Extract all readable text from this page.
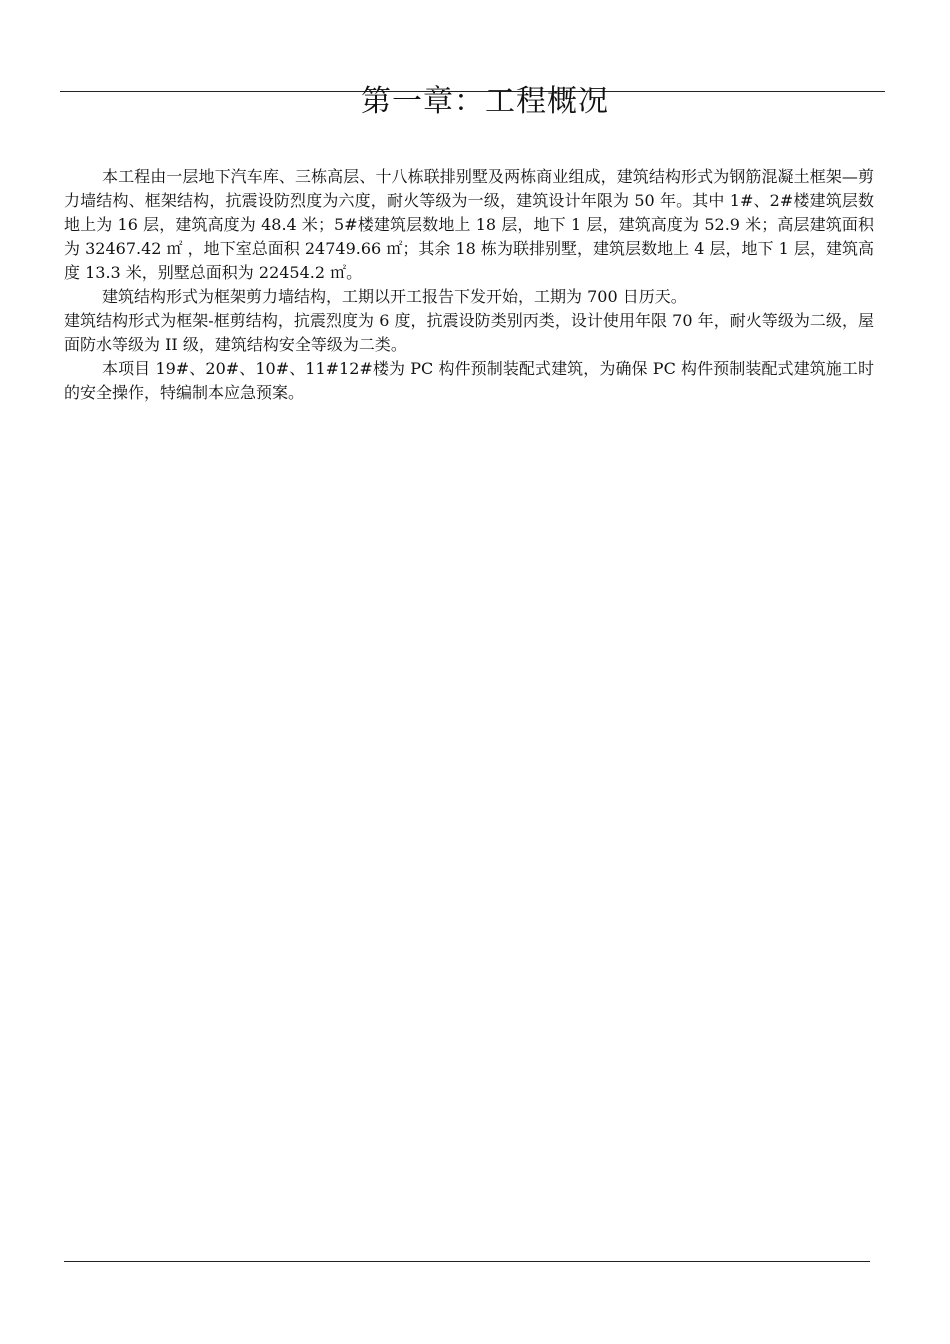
第一章：工程概况

本工程由一层地下汽车库、三栋高层、十八栋联排别墅及两栋商业组成，建筑结构形式为钢筋混凝土框架—剪力墙结构、框架结构，抗震设防烈度为六度，耐火等级为一级，建筑设计年限为 50 年。其中 1#、2#楼建筑层数地上为 16 层，建筑高度为 48.4 米；5#楼建筑层数地上 18 层，地下 1 层，建筑高度为 52.9 米；高层建筑面积为 32467.42 ㎡ ，地下室总面积 24749.66 ㎡；其余 18 栋为联排别墅，建筑层数地上 4 层，地下 1 层，建筑高度 13.3 米，别墅总面积为 22454.2 ㎡。

建筑结构形式为框架剪力墙结构，工期以开工报告下发开始，工期为 700 日历天。

建筑结构形式为框架-框剪结构，抗震烈度为 6 度，抗震设防类别丙类，设计使用年限 70 年，耐火等级为二级，屋面防水等级为 II 级，建筑结构安全等级为二类。

本项目 19#、20#、10#、11#12#楼为 PC 构件预制装配式建筑，为确保 PC 构件预制装配式建筑施工时的安全操作，特编制本应急预案。
